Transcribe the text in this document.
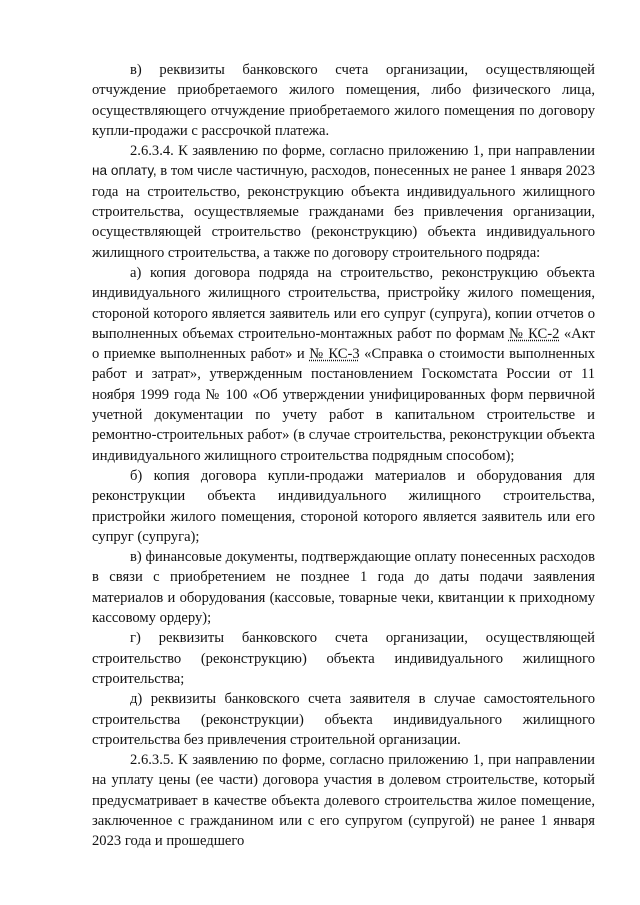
в) реквизиты банковского счета организации, осуществляющей отчуждение приобретаемого жилого помещения, либо физического лица, осуществляющего отчуждение приобретаемого жилого помещения по договору купли-продажи с рассрочкой платежа.

2.6.3.4. К заявлению по форме, согласно приложению 1, при направлении на оплату, в том числе частичную, расходов, понесенных не ранее 1 января 2023 года на строительство, реконструкцию объекта индивидуального жилищного строительства, осуществляемые гражданами без привлечения организации, осуществляющей строительство (реконструкцию) объекта индивидуального жилищного строительства, а также по договору строительного подряда:

а) копия договора подряда на строительство, реконструкцию объекта индивидуального жилищного строительства, пристройку жилого помещения, стороной которого является заявитель или его супруг (супруга), копии отчетов о выполненных объемах строительно-монтажных работ по формам № КС-2 «Акт о приемке выполненных работ» и № КС-3 «Справка о стоимости выполненных работ и затрат», утвержденным постановлением Госкомстата России от 11 ноября 1999 года № 100 «Об утверждении унифицированных форм первичной учетной документации по учету работ в капитальном строительстве и ремонтно-строительных работ» (в случае строительства, реконструкции объекта индивидуального жилищного строительства подрядным способом);

б) копия договора купли-продажи материалов и оборудования для реконструкции объекта индивидуального жилищного строительства, пристройки жилого помещения, стороной которого является заявитель или его супруг (супруга);

в) финансовые документы, подтверждающие оплату понесенных расходов в связи с приобретением не позднее 1 года до даты подачи заявления материалов и оборудования (кассовые, товарные чеки, квитанции к приходному кассовому ордеру);

г) реквизиты банковского счета организации, осуществляющей строительство (реконструкцию) объекта индивидуального жилищного строительства;

д) реквизиты банковского счета заявителя в случае самостоятельного строительства (реконструкции) объекта индивидуального жилищного строительства без привлечения строительной организации.

2.6.3.5. К заявлению по форме, согласно приложению 1, при направлении на уплату цены (ее части) договора участия в долевом строительстве, который предусматривает в качестве объекта долевого строительства жилое помещение, заключенное с гражданином или с его супругом (супругой) не ранее 1 января 2023 года и прошедшего
